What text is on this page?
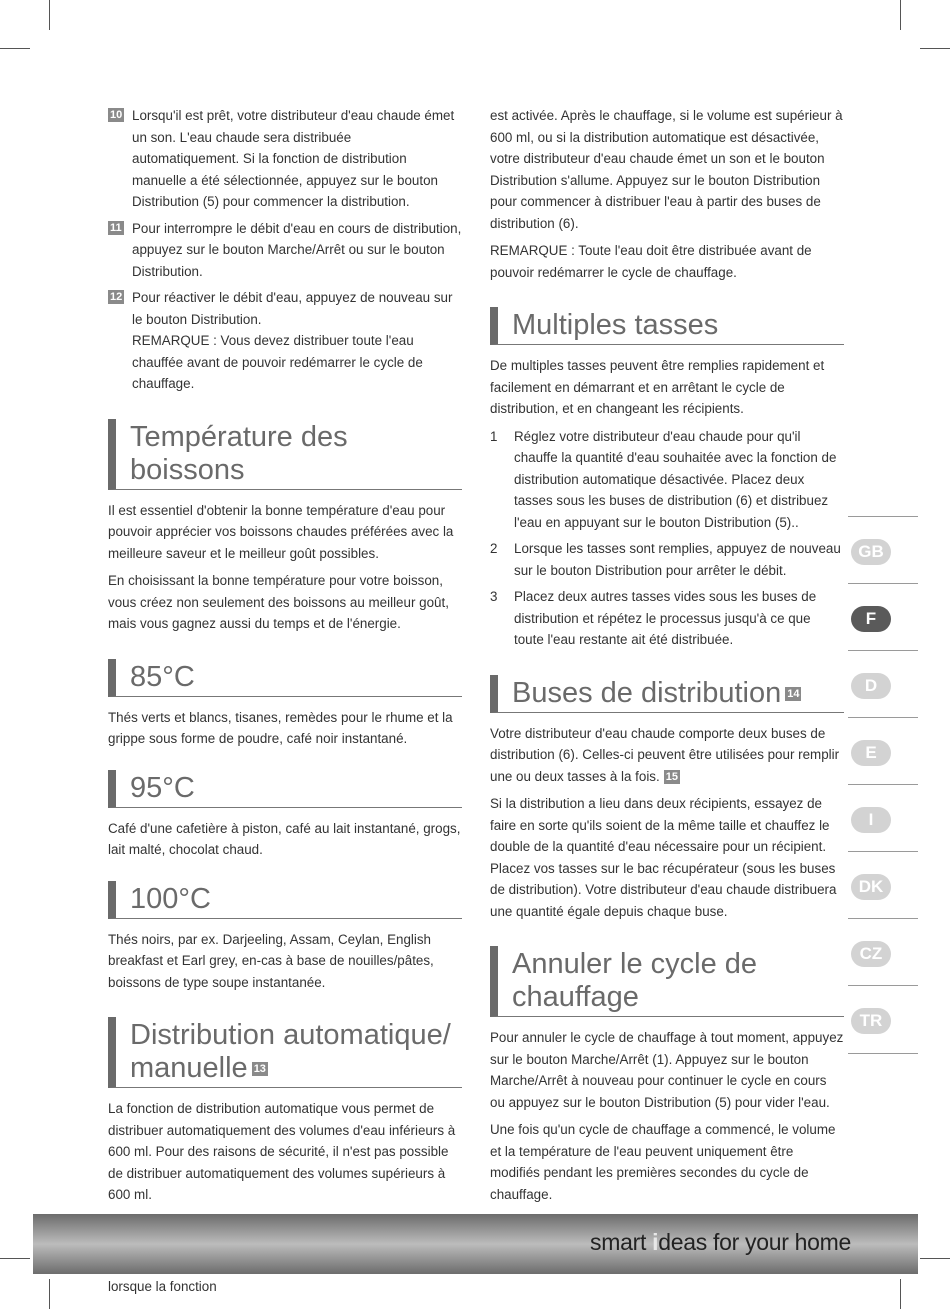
10 Lorsqu'il est prêt, votre distributeur d'eau chaude émet un son. L'eau chaude sera distribuée automatiquement. Si la fonction de distribution manuelle a été sélectionnée, appuyez sur le bouton Distribution (5) pour commencer la distribution.
11 Pour interrompre le débit d'eau en cours de distribution, appuyez sur le bouton Marche/Arrêt ou sur le bouton Distribution.
12 Pour réactiver le débit d'eau, appuyez de nouveau sur le bouton Distribution.
REMARQUE : Vous devez distribuer toute l'eau chauffée avant de pouvoir redémarrer le cycle de chauffage.
Température des boissons

Il est essentiel d'obtenir la bonne température d'eau pour pouvoir apprécier vos boissons chaudes préférées avec la meilleure saveur et le meilleur goût possibles.

En choisissant la bonne température pour votre boisson, vous créez non seulement des boissons au meilleur goût, mais vous gagnez aussi du temps et de l'énergie.

85°C

Thés verts et blancs, tisanes, remèdes pour le rhume et la grippe sous forme de poudre, café noir instantané.

95°C

Café d'une cafetière à piston, café au lait instantané, grogs, lait malté, chocolat chaud.

100°C

Thés noirs, par ex. Darjeeling, Assam, Ceylan, English breakfast et Earl grey, en-cas à base de nouilles/pâtes, boissons de type soupe instantanée.

Distribution automatique/
manuelle 13

La fonction de distribution automatique vous permet de distribuer automatiquement des volumes d'eau inférieurs à 600 ml. Pour des raisons de sécurité, il n'est pas possible de distribuer automatiquement des volumes supérieurs à 600 ml.

lorsque la fonction

est activée. Après le chauffage, si le volume est supérieur à 600 ml, ou si la distribution automatique est désactivée, votre distributeur d'eau chaude émet un son et le bouton Distribution s'allume. Appuyez sur le bouton Distribution pour commencer à distribuer l'eau à partir des buses de distribution (6).

REMARQUE : Toute l'eau doit être distribuée avant de pouvoir redémarrer le cycle de chauffage.

Multiples tasses

De multiples tasses peuvent être remplies rapidement et facilement en démarrant et en arrêtant le cycle de distribution, et en changeant les récipients.

1 Réglez votre distributeur d'eau chaude pour qu'il chauffe la quantité d'eau souhaitée avec la fonction de distribution automatique désactivée. Placez deux tasses sous les buses de distribution (6) et distribuez l'eau en appuyant sur le bouton Distribution (5)..
2 Lorsque les tasses sont remplies, appuyez de nouveau sur le bouton Distribution pour arrêter le débit.
3 Placez deux autres tasses vides sous les buses de distribution et répétez le processus jusqu'à ce que toute l'eau restante ait été distribuée.
Buses de distribution 14

Votre distributeur d'eau chaude comporte deux buses de distribution (6). Celles-ci peuvent être utilisées pour remplir une ou deux tasses à la fois. 15

Si la distribution a lieu dans deux récipients, essayez de faire en sorte qu'ils soient de la même taille et chauffez le double de la quantité d'eau nécessaire pour un récipient. Placez vos tasses sur le bac récupérateur (sous les buses de distribution). Votre distributeur d'eau chaude distribuera une quantité égale depuis chaque buse.

Annuler le cycle de
chauffage

Pour annuler le cycle de chauffage à tout moment, appuyez sur le bouton Marche/Arrêt (1). Appuyez sur le bouton Marche/Arrêt à nouveau pour continuer le cycle en cours ou appuyez sur le bouton Distribution (5) pour vider l'eau.

Une fois qu'un cycle de chauffage a commencé, le volume et la température de l'eau peuvent uniquement être modifiés pendant les premières secondes du cycle de chauffage.

GB
F
D
E
I
DK
CZ
TR
smart ideas for your home
